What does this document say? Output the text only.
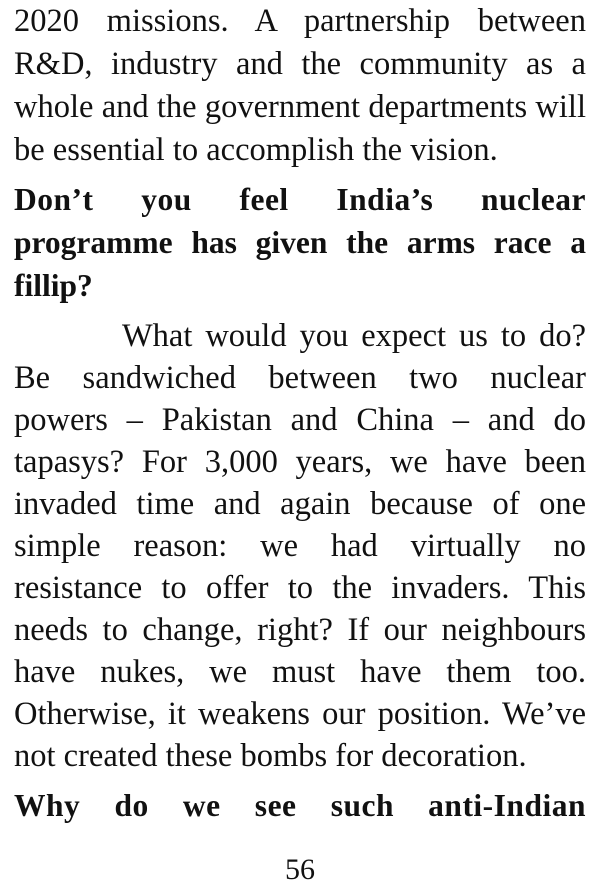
2020 missions. A partnership between
R&D, industry and the community as a
whole and the government departments will
be essential to accomplish the vision.
Don’t you feel India’s nuclear
programme has given the arms race a
fillip?
What would you expect us to do?
Be sandwiched between two nuclear
powers – Pakistan and China – and do
tapasys? For 3,000 years, we have been
invaded time and again because of one
simple reason: we had virtually no
resistance to offer to the invaders. This
needs to change, right? If our neighbours
have nukes, we must have them too.
Otherwise, it weakens our position. We’ve
not created these bombs for decoration.
Why do we see such anti-Indian
56
